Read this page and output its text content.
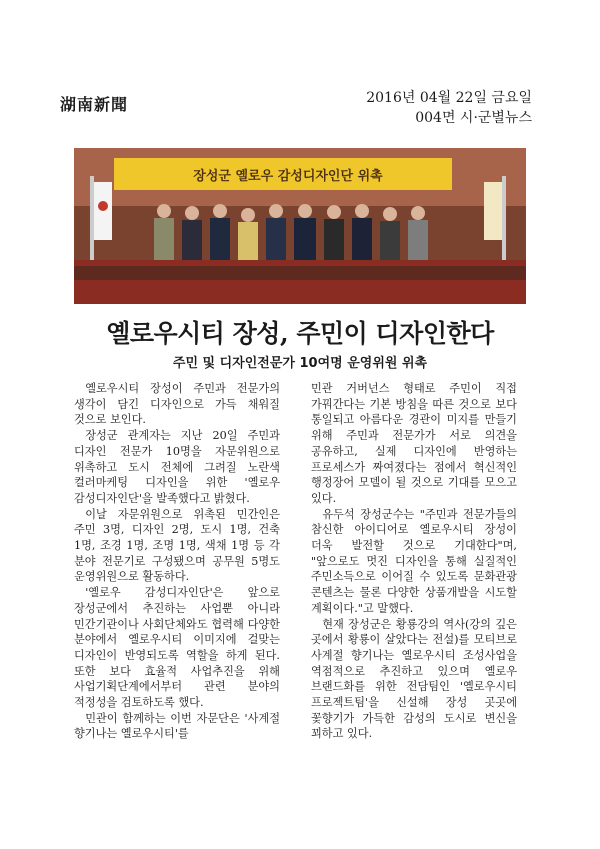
湖南新聞	2016년 04월 22일 금요일
004면 시·군별뉴스
장성군 옐로우 감성디자인단 위촉
옐로우시티 장성, 주민이 디자인한다
주민 및 디자인전문가 10여명 운영위원 위촉

옐로우시티 장성이 주민과 전문가의 생각이 담긴 디자인으로 가득 채워질 것으로 보인다.

장성군 관계자는 지난 20일 주민과 디자인 전문가 10명을 자문위원으로 위촉하고 도시 전체에 그려질 노란색 컬러마케팅 디자인을 위한 '옐로우 감성디자인단'을 발족했다고 밝혔다.

이날 자문위원으로 위촉된 민간인은 주민 3명, 디자인 2명, 도시 1명, 건축 1명, 조경 1명, 조명 1명, 색채 1명 등 각 분야 전문기로 구성됐으며 공무원 5명도 운영위원으로 활동하다.

'옐로우 감성디자인단'은 앞으로 장성군에서 추진하는 사업뿐 아니라 민간기관이나 사회단체와도 협력해 다양한 분야에서 옐로우시티 이미지에 걸맞는 디자인이 반영되도록 역할을 하게 된다. 또한 보다 효율적 사업추진을 위해 사업기획단계에서부터 관련 분야의 적정성을 검토하도록 했다.

민관이 함께하는 이번 자문단은 '사계절 향기나는 옐로우시티'를

민관 거버넌스 형태로 주민이 직접 가꿔간다는 기본 방침을 따른 것으로 보다 통일되고 아름다운 경관이 미지를 만들기 위해 주민과 전문가가 서로 의견을 공유하고, 실제 디자인에 반영하는 프로세스가 짜여졌다는 점에서 혁신적인 행정장어 모델이 될 것으로 기대를 모으고 있다.

유두석 장성군수는 "주민과 전문가들의 참신한 아이디어로 옐로우시티 장성이 더욱 발전할 것으로 기대한다"며, "앞으로도 멋진 디자인을 통해 실질적인 주민소득으로 이어질 수 있도록 문화관광 콘텐츠는 물론 다양한 상품개발을 시도할 계획이다."고 말했다.

현재 장성군은 황룡강의 역사(강의 깊은 곳에서 황룡이 살았다는 전설)를 모티브로 사계절 향기나는 옐로우시티 조성사업을 역점적으로 추진하고 있으며 옐로우 브랜드화를 위한 전담팀인 '옐로우시티 프로젝트팀'을 신설해 장성 곳곳에 꽃향기가 가득한 감성의 도시로 변신을 꾀하고 있다.
